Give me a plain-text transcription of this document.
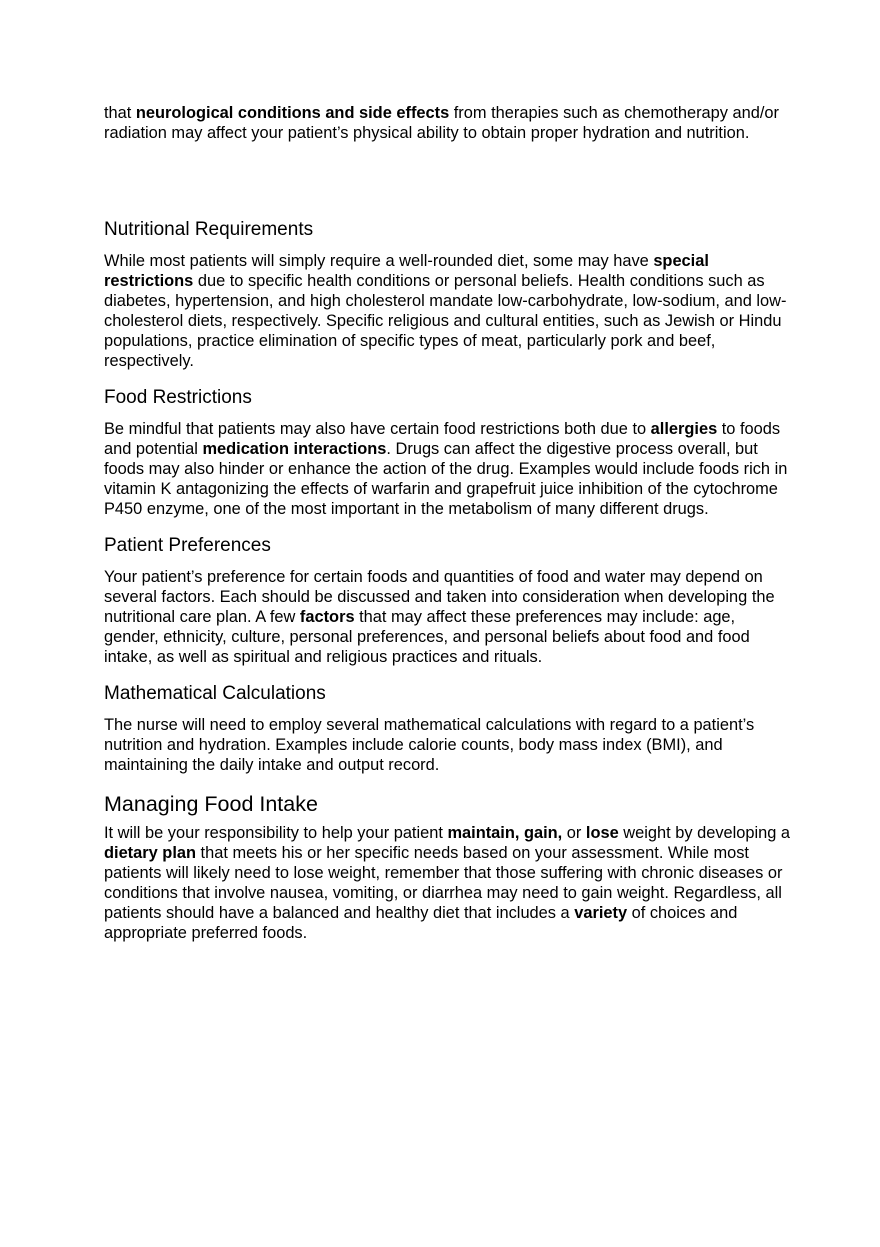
that neurological conditions and side effects from therapies such as chemotherapy and/or radiation may affect your patient’s physical ability to obtain proper hydration and nutrition.

Nutritional Requirements

While most patients will simply require a well-rounded diet, some may have special restrictions due to specific health conditions or personal beliefs. Health conditions such as diabetes, hypertension, and high cholesterol mandate low-carbohydrate, low-sodium, and low-cholesterol diets, respectively. Specific religious and cultural entities, such as Jewish or Hindu populations, practice elimination of specific types of meat, particularly pork and beef, respectively.

Food Restrictions

Be mindful that patients may also have certain food restrictions both due to allergies to foods and potential medication interactions. Drugs can affect the digestive process overall, but foods may also hinder or enhance the action of the drug. Examples would include foods rich in vitamin K antagonizing the effects of warfarin and grapefruit juice inhibition of the cytochrome P450 enzyme, one of the most important in the metabolism of many different drugs.

Patient Preferences

Your patient’s preference for certain foods and quantities of food and water may depend on several factors. Each should be discussed and taken into consideration when developing the nutritional care plan. A few factors that may affect these preferences may include: age, gender, ethnicity, culture, personal preferences, and personal beliefs about food and food intake, as well as spiritual and religious practices and rituals.

Mathematical Calculations

The nurse will need to employ several mathematical calculations with regard to a patient’s nutrition and hydration. Examples include calorie counts, body mass index (BMI), and maintaining the daily intake and output record.

Managing Food Intake

It will be your responsibility to help your patient maintain, gain, or lose weight by developing a dietary plan that meets his or her specific needs based on your assessment. While most patients will likely need to lose weight, remember that those suffering with chronic diseases or conditions that involve nausea, vomiting, or diarrhea may need to gain weight. Regardless, all patients should have a balanced and healthy diet that includes a variety of choices and appropriate preferred foods.
